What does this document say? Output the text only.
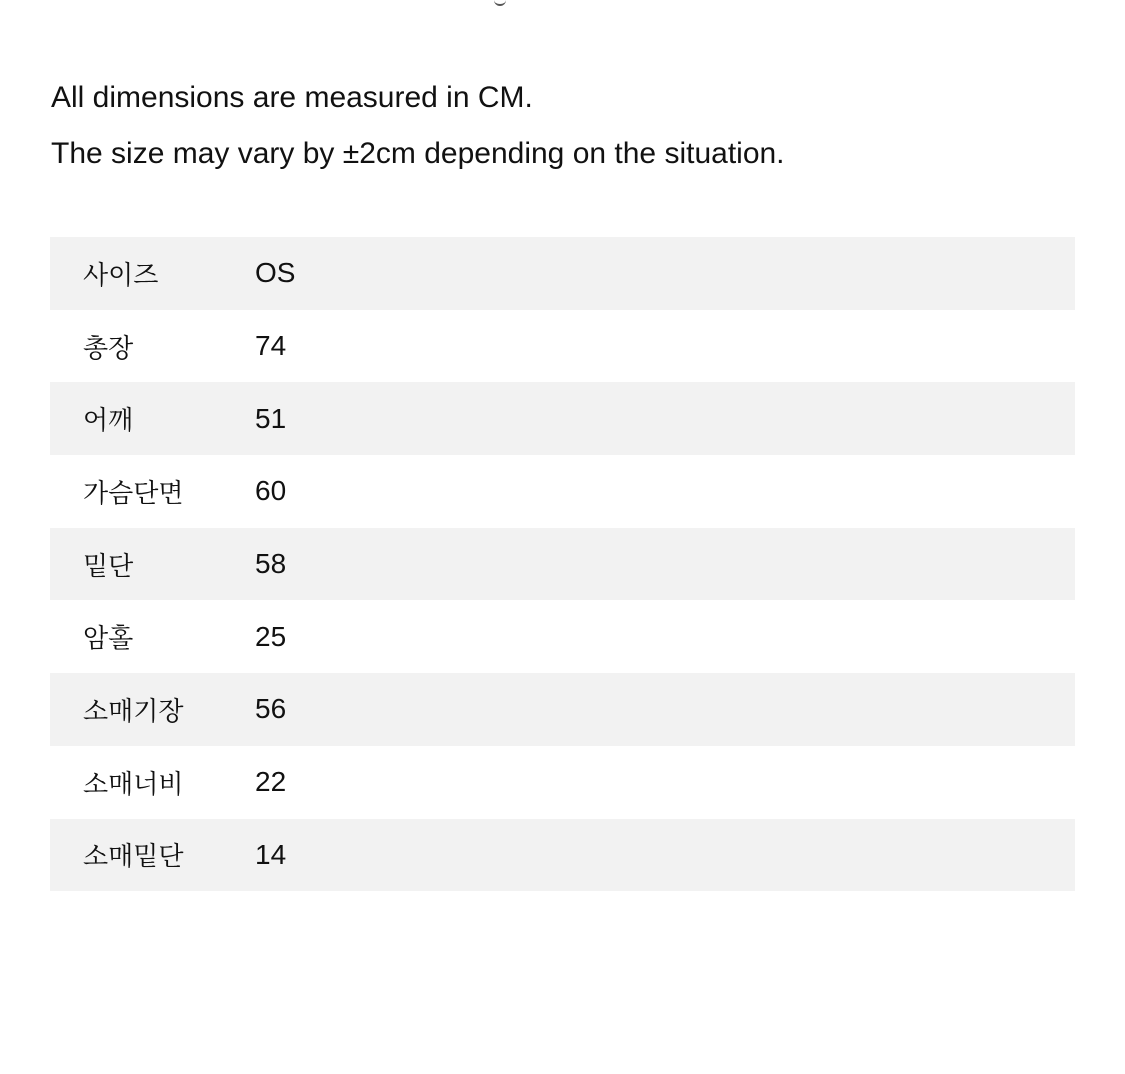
All dimensions are measured in CM.

The size may vary by ±2cm depending on the situation.

사이즈	OS
총장	74
어깨	51
가슴단면	60
밑단	58
암홀	25
소매기장	56
소매너비	22
소매밑단	14
